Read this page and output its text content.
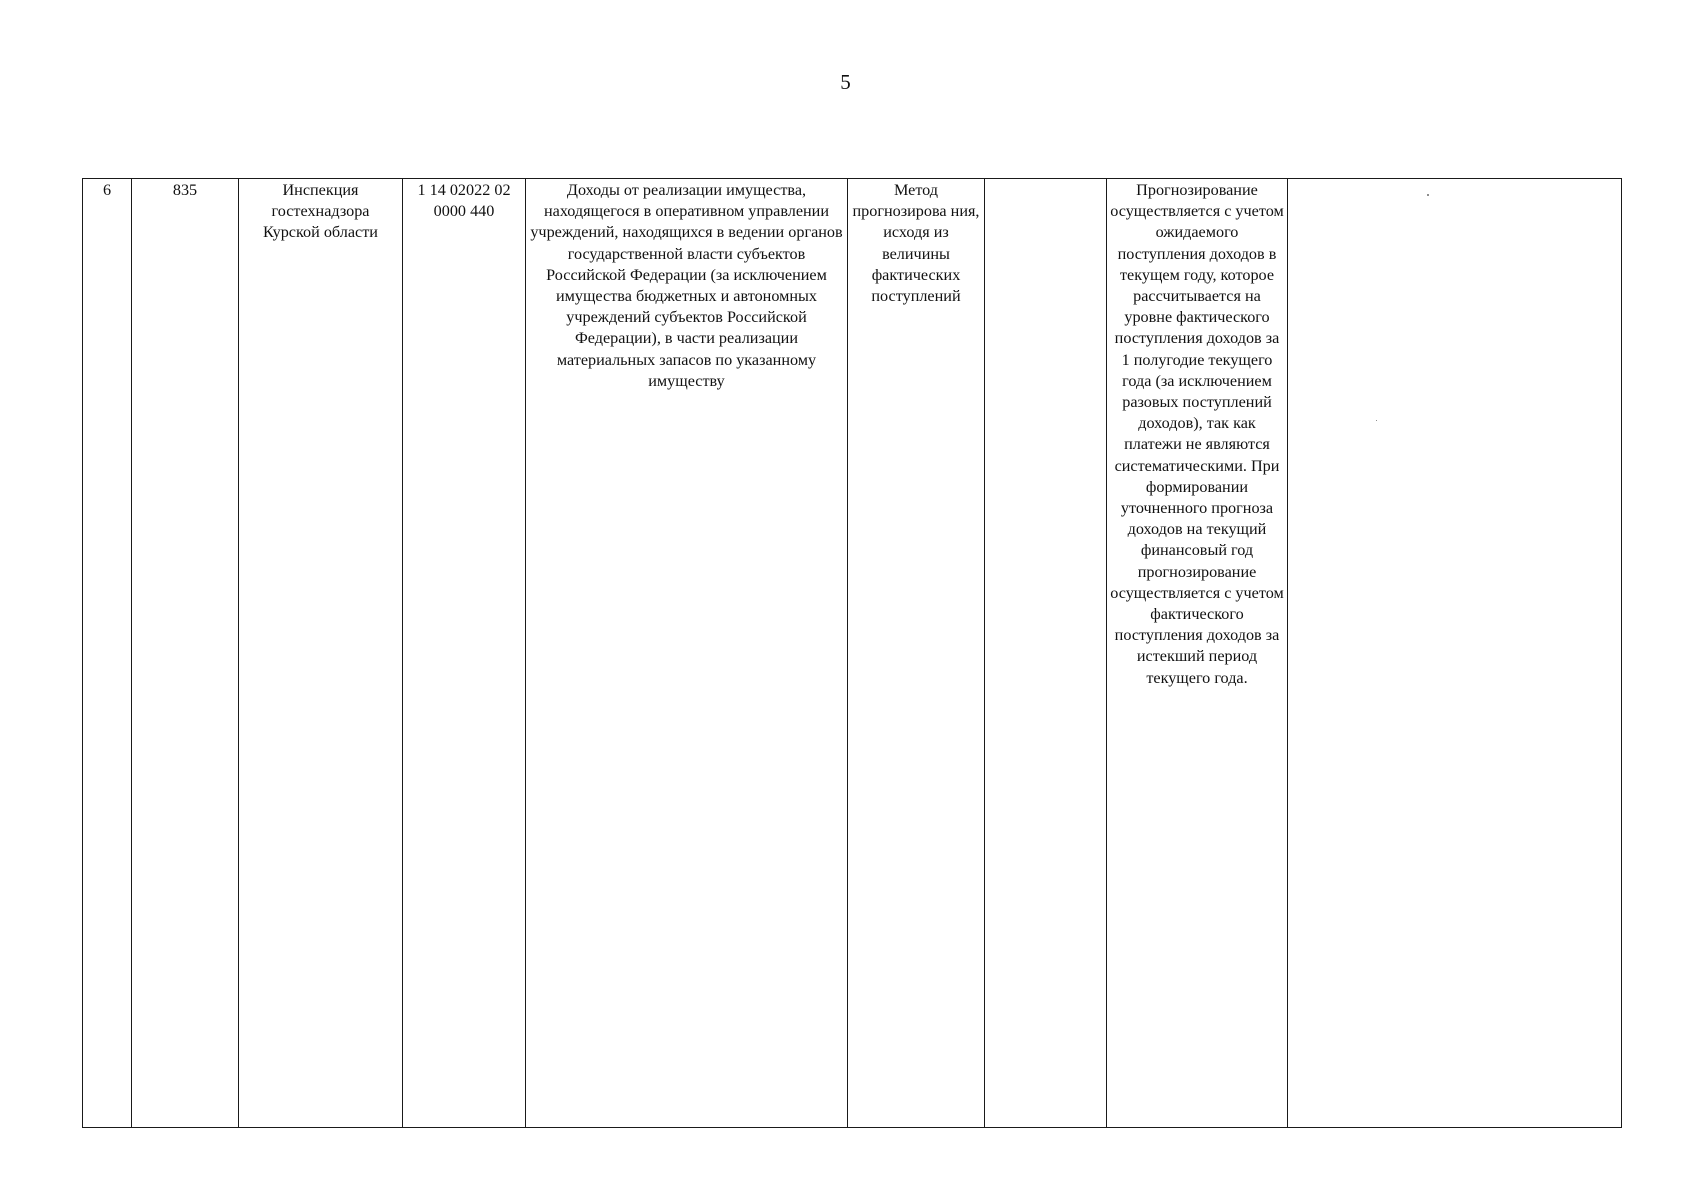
5
6	835	Инспекция гостехнадзора Курской области	1 14 02022 02 0000 440	Доходы от реализации имущества, находящегося в оперативном управлении учреждений, находящихся в ведении органов государственной власти субъектов Российской Федерации (за исключением имущества бюджетных и автономных учреждений субъектов Российской Федерации), в части реализации материальных запасов по указанному имуществу	Метод прогнозирова ния, исходя из величины фактических поступлений		Прогнозирование осуществляется с учетом ожидаемого поступления доходов в текущем году, которое рассчитывается на уровне фактического поступления доходов за 1 полугодие текущего года (за исключением разовых поступлений доходов), так как платежи не являются систематическими. При формировании уточненного прогноза доходов на текущий финансовый год прогнозирование осуществляется с учетом фактического поступления доходов за истекший период текущего года.	
